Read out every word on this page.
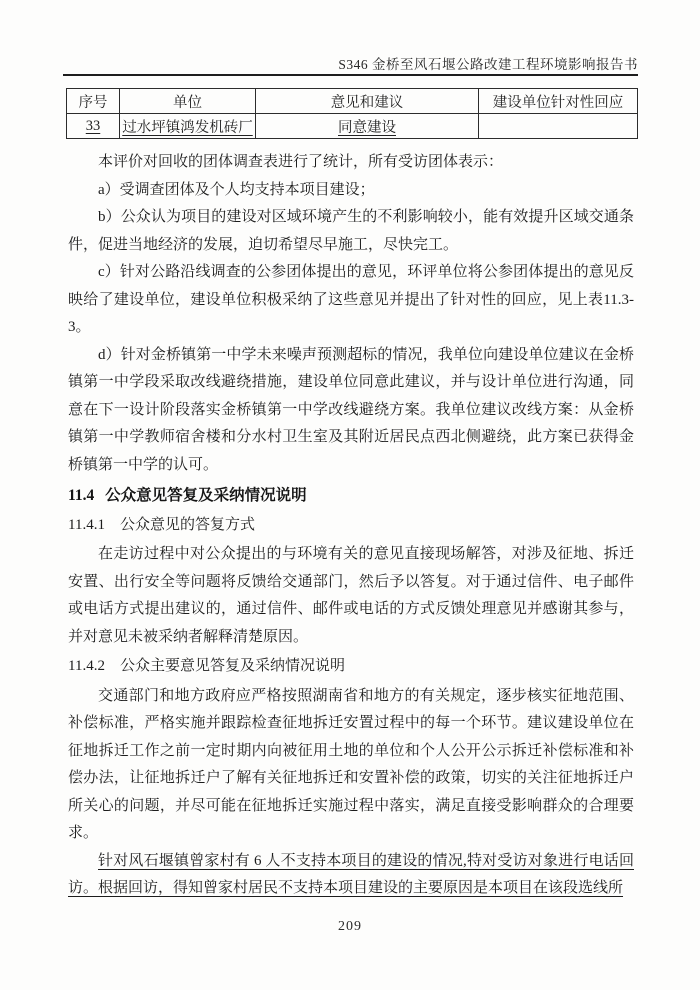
S346 金桥至风石堰公路改建工程环境影响报告书
序号	单位	意见和建议	建设单位针对性回应
33	过水坪镇鸿发机砖厂	同意建设	

本评价对回收的团体调查表进行了统计，所有受访团体表示：

a）受调查团体及个人均支持本项目建设；

b）公众认为项目的建设对区域环境产生的不利影响较小，能有效提升区域交通条件，促进当地经济的发展，迫切希望尽早施工，尽快完工。

c）针对公路沿线调查的公参团体提出的意见，环评单位将公参团体提出的意见反映给了建设单位，建设单位积极采纳了这些意见并提出了针对性的回应，见上表11.3-3。

d）针对金桥镇第一中学未来噪声预测超标的情况，我单位向建设单位建议在金桥镇第一中学段采取改线避绕措施，建设单位同意此建议，并与设计单位进行沟通，同意在下一设计阶段落实金桥镇第一中学改线避绕方案。我单位建议改线方案：从金桥镇第一中学教师宿舍楼和分水村卫生室及其附近居民点西北侧避绕，此方案已获得金桥镇第一中学的认可。

11.4 公众意见答复及采纳情况说明
11.4.1 公众意见的答复方式

在走访过程中对公众提出的与环境有关的意见直接现场解答，对涉及征地、拆迁安置、出行安全等问题将反馈给交通部门，然后予以答复。对于通过信件、电子邮件或电话方式提出建议的，通过信件、邮件或电话的方式反馈处理意见并感谢其参与，并对意见未被采纳者解释清楚原因。

11.4.2 公众主要意见答复及采纳情况说明

交通部门和地方政府应严格按照湖南省和地方的有关规定，逐步核实征地范围、补偿标准，严格实施并跟踪检查征地拆迁安置过程中的每一个环节。建议建设单位在征地拆迁工作之前一定时期内向被征用土地的单位和个人公开公示拆迁补偿标准和补偿办法，让征地拆迁户了解有关征地拆迁和安置补偿的政策，切实的关注征地拆迁户所关心的问题，并尽可能在征地拆迁实施过程中落实，满足直接受影响群众的合理要求。

针对风石堰镇曾家村有 6 人不支持本项目的建设的情况,特对受访对象进行电话回访。根据回访，得知曾家村居民不支持本项目建设的主要原因是本项目在该段选线所

209
